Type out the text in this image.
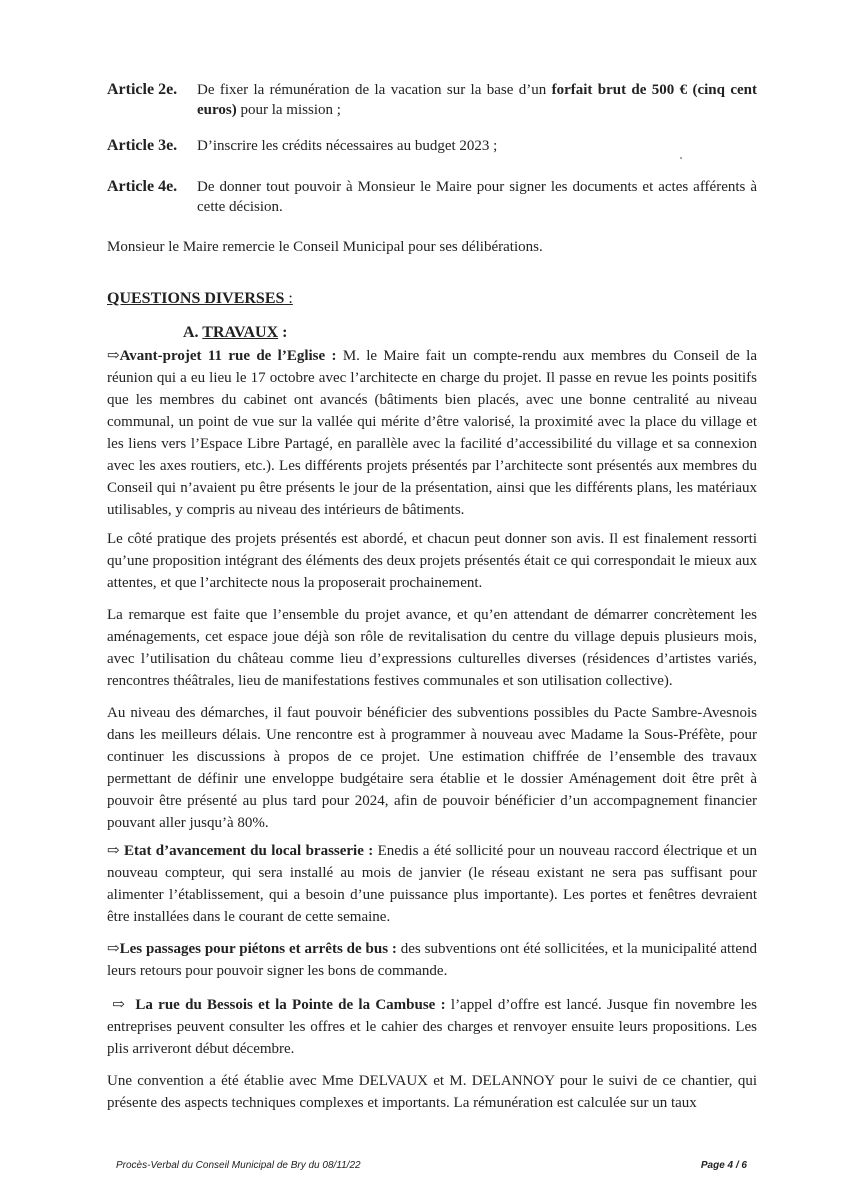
Article 2e. De fixer la rémunération de la vacation sur la base d’un forfait brut de 500 € (cinq cent euros) pour la mission ;
Article 3e. D’inscrire les crédits nécessaires au budget 2023 ;
Article 4e. De donner tout pouvoir à Monsieur le Maire pour signer les documents et actes afférents à cette décision.
Monsieur le Maire remercie le Conseil Municipal pour ses délibérations.
QUESTIONS DIVERSES :
A. TRAVAUX :
⇨Avant-projet 11 rue de l’Eglise : M. le Maire fait un compte-rendu aux membres du Conseil de la réunion qui a eu lieu le 17 octobre avec l’architecte en charge du projet. Il passe en revue les points positifs que les membres du cabinet ont avancés (bâtiments bien placés, avec une bonne centralité au niveau communal, un point de vue sur la vallée qui mérite d’être valorisé, la proximité avec la place du village et les liens vers l’Espace Libre Partagé, en parallèle avec la facilité d’accessibilité du village et sa connexion avec les axes routiers, etc.). Les différents projets présentés par l’architecte sont présentés aux membres du Conseil qui n’avaient pu être présents le jour de la présentation, ainsi que les différents plans, les matériaux utilisables, y compris au niveau des intérieurs de bâtiments.
Le côté pratique des projets présentés est abordé, et chacun peut donner son avis. Il est finalement ressorti qu’une proposition intégrant des éléments des deux projets présentés était ce qui correspondait le mieux aux attentes, et que l’architecte nous la proposerait prochainement.
La remarque est faite que l’ensemble du projet avance, et qu’en attendant de démarrer concrètement les aménagements, cet espace joue déjà son rôle de revitalisation du centre du village depuis plusieurs mois, avec l’utilisation du château comme lieu d’expressions culturelles diverses (résidences d’artistes variés, rencontres théâtrales, lieu de manifestations festives communales et son utilisation collective).
Au niveau des démarches, il faut pouvoir bénéficier des subventions possibles du Pacte Sambre-Avesnois dans les meilleurs délais. Une rencontre est à programmer à nouveau avec Madame la Sous-Préfète, pour continuer les discussions à propos de ce projet. Une estimation chiffrée de l’ensemble des travaux permettant de définir une enveloppe budgétaire sera établie et le dossier Aménagement doit être prêt à pouvoir être présenté au plus tard pour 2024, afin de pouvoir bénéficier d’un accompagnement financier pouvant aller jusqu’à 80%.
⇨ Etat d’avancement du local brasserie : Enedis a été sollicité pour un nouveau raccord électrique et un nouveau compteur, qui sera installé au mois de janvier (le réseau existant ne sera pas suffisant pour alimenter l’établissement, qui a besoin d’une puissance plus importante). Les portes et fenêtres devraient être installées dans le courant de cette semaine.
⇨Les passages pour piétons et arrêts de bus : des subventions ont été sollicitées, et la municipalité attend leurs retours pour pouvoir signer les bons de commande.
⇨  La rue du Bessois et la Pointe de la Cambuse : l’appel d’offre est lancé. Jusque fin novembre les entreprises peuvent consulter les offres et le cahier des charges et renvoyer ensuite leurs propositions. Les plis arriveront début décembre.
Une convention a été établie avec Mme DELVAUX et M. DELANNOY pour le suivi de ce chantier, qui présente des aspects techniques complexes et importants. La rémunération est calculée sur un taux
Procès-Verbal du Conseil Municipal de Bry du 08/11/22	Page 4 / 6
